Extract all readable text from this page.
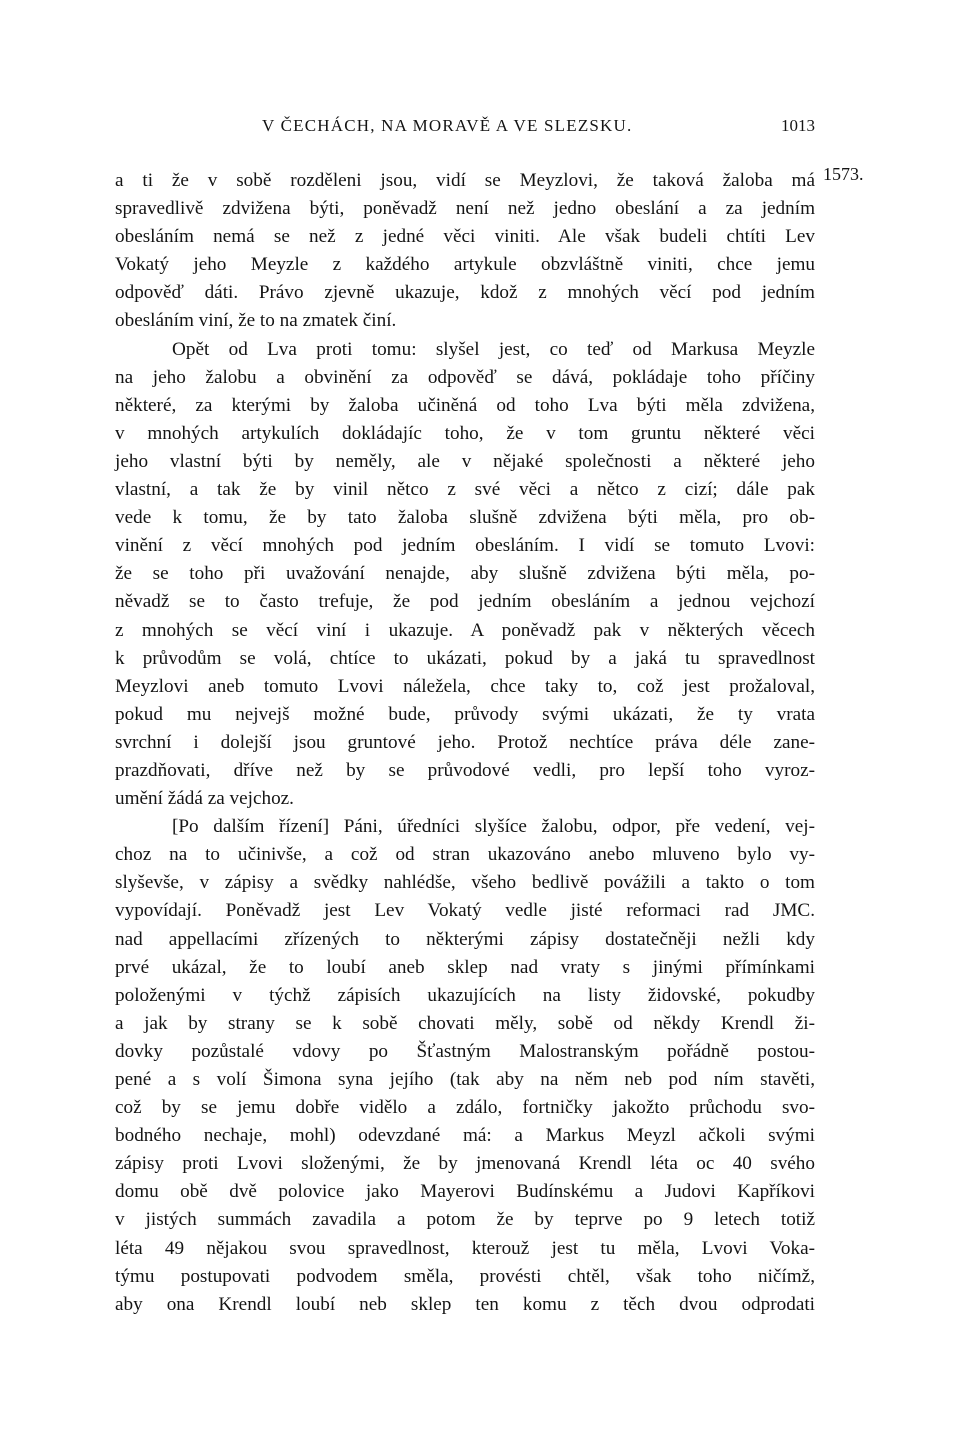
V ČECHÁCH, NA MORAVĚ A VE SLEZSKU.	1013
1573.
a ti že v sobě rozděleni jsou, vidí se Meyzlovi, že taková žaloba má
spravedlivě zdvižena býti, poněvadž není než jedno obeslání a za jedním
obesláním nemá se než z jedné věci viniti. Ale však budeli chtíti Lev
Vokatý jeho Meyzle z každého artykule obzvláštně viniti, chce jemu
odpověď dáti. Právo zjevně ukazuje, kdož z mnohých věcí pod jedním
obesláním viní, že to na zmatek činí.
Opět od Lva proti tomu: slyšel jest, co teď od Markusa Meyzle
na jeho žalobu a obvinění za odpověď se dává, pokládaje toho příčiny
některé, za kterými by žaloba učiněná od toho Lva býti měla zdvižena,
v mnohých artykulích dokládajíc toho, že v tom gruntu některé věci
jeho vlastní býti by neměly, ale v nějaké společnosti a některé jeho
vlastní, a tak že by vinil nětco z své věci a nětco z cizí; dále pak
vede k tomu, že by tato žaloba slušně zdvižena býti měla, pro ob-
vinění z věcí mnohých pod jedním obesláním. I vidí se tomuto Lvovi:
že se toho při uvažování nenajde, aby slušně zdvižena býti měla, po-
něvadž se to často trefuje, že pod jedním obesláním a jednou vejchozí
z mnohých se věcí viní i ukazuje. A poněvadž pak v některých věcech
k průvodům se volá, chtíce to ukázati, pokud by a jaká tu spravedlnost
Meyzlovi aneb tomuto Lvovi náležela, chce taky to, což jest prožaloval,
pokud mu nejvejš možné bude, průvody svými ukázati, že ty vrata
svrchní i dolejší jsou gruntové jeho. Protož nechtíce práva déle zane-
prazdňovati, dříve než by se průvodové vedli, pro lepší toho vyroz-
umění žádá za vejchoz.
[Po dalším řízení] Páni, úředníci slyšíce žalobu, odpor, pře vedení, vej-
choz na to učinivše, a což od stran ukazováno anebo mluveno bylo vy-
slyševše, v zápisy a svědky nahlédše, všeho bedlivě povážili a takto o tom
vypovídají. Poněvadž jest Lev Vokatý vedle jisté reformaci rad JMC.
nad appellacími zřízených to některými zápisy dostatečněji nežli kdy
prvé ukázal, že to loubí aneb sklep nad vraty s jinými přímínkami
položenými v týchž zápisích ukazujících na listy židovské, pokudby
a jak by strany se k sobě chovati měly, sobě od někdy Krendl ži-
dovky pozůstalé vdovy po Šťastným Malostranským pořádně postou-
pené a s volí Šimona syna jejího (tak aby na něm neb pod ním stavěti,
což by se jemu dobře vidělo a zdálo, fortničky jakožto průchodu svo-
bodného nechaje, mohl) odevzdané má: a Markus Meyzl ačkoli svými
zápisy proti Lvovi složenými, že by jmenovaná Krendl léta oc 40 svého
domu obě dvě polovice jako Mayerovi Budínskému a Judovi Kapříkovi
v jistých summách zavadila a potom že by teprve po 9 letech totiž
léta 49 nějakou svou spravedlnost, kterouž jest tu měla, Lvovi Voka-
týmu postupovati podvodem směla, provésti chtěl, však toho ničímž,
aby ona Krendl loubí neb sklep ten komu z těch dvou odprodati
